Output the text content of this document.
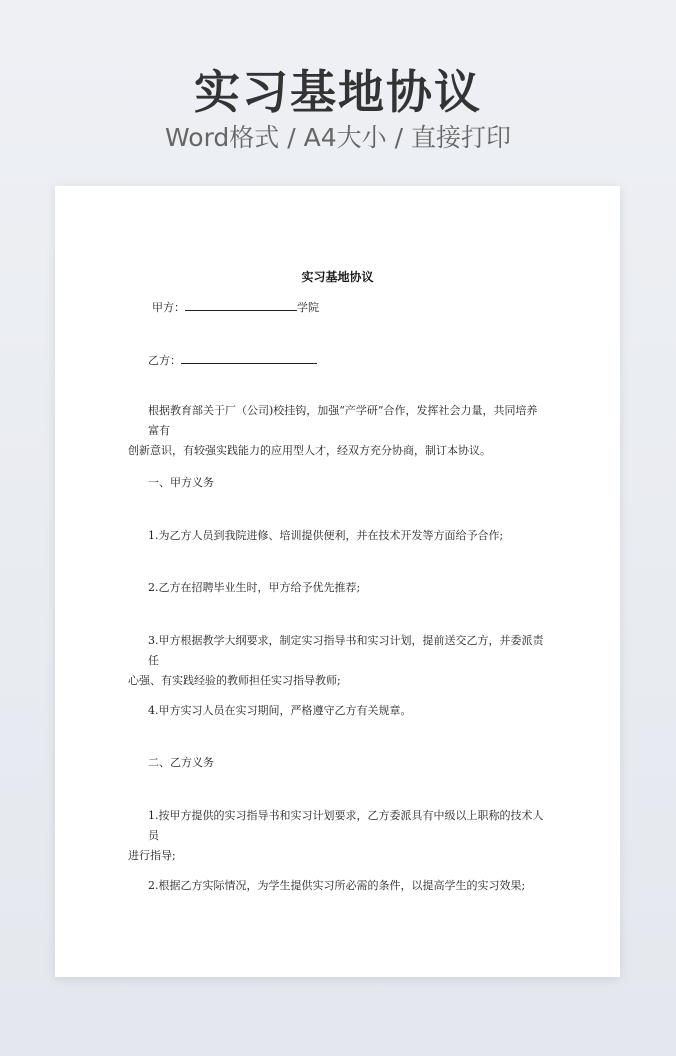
实习基地协议
Word格式 / A4大小 / 直接打印
实习基地协议
甲方：	学院
乙方：
根据教育部关于厂（公司)校挂钩，加强“产学研”合作，发挥社会力量，共同培养富有
创新意识，有较强实践能力的应用型人才，经双方充分协商，制订本协议。
一、甲方义务
1.为乙方人员到我院进修、培训提供便利，并在技术开发等方面给予合作;
2.乙方在招聘毕业生时，甲方给予优先推荐;
3.甲方根据教学大纲要求，制定实习指导书和实习计划，提前送交乙方，并委派责任
心强、有实践经验的教师担任实习指导教师;
4.甲方实习人员在实习期间，严格遵守乙方有关规章。
二、乙方义务
1.按甲方提供的实习指导书和实习计划要求，乙方委派具有中级以上职称的技术人员
进行指导;
2.根据乙方实际情况，为学生提供实习所必需的条件，以提高学生的实习效果;
